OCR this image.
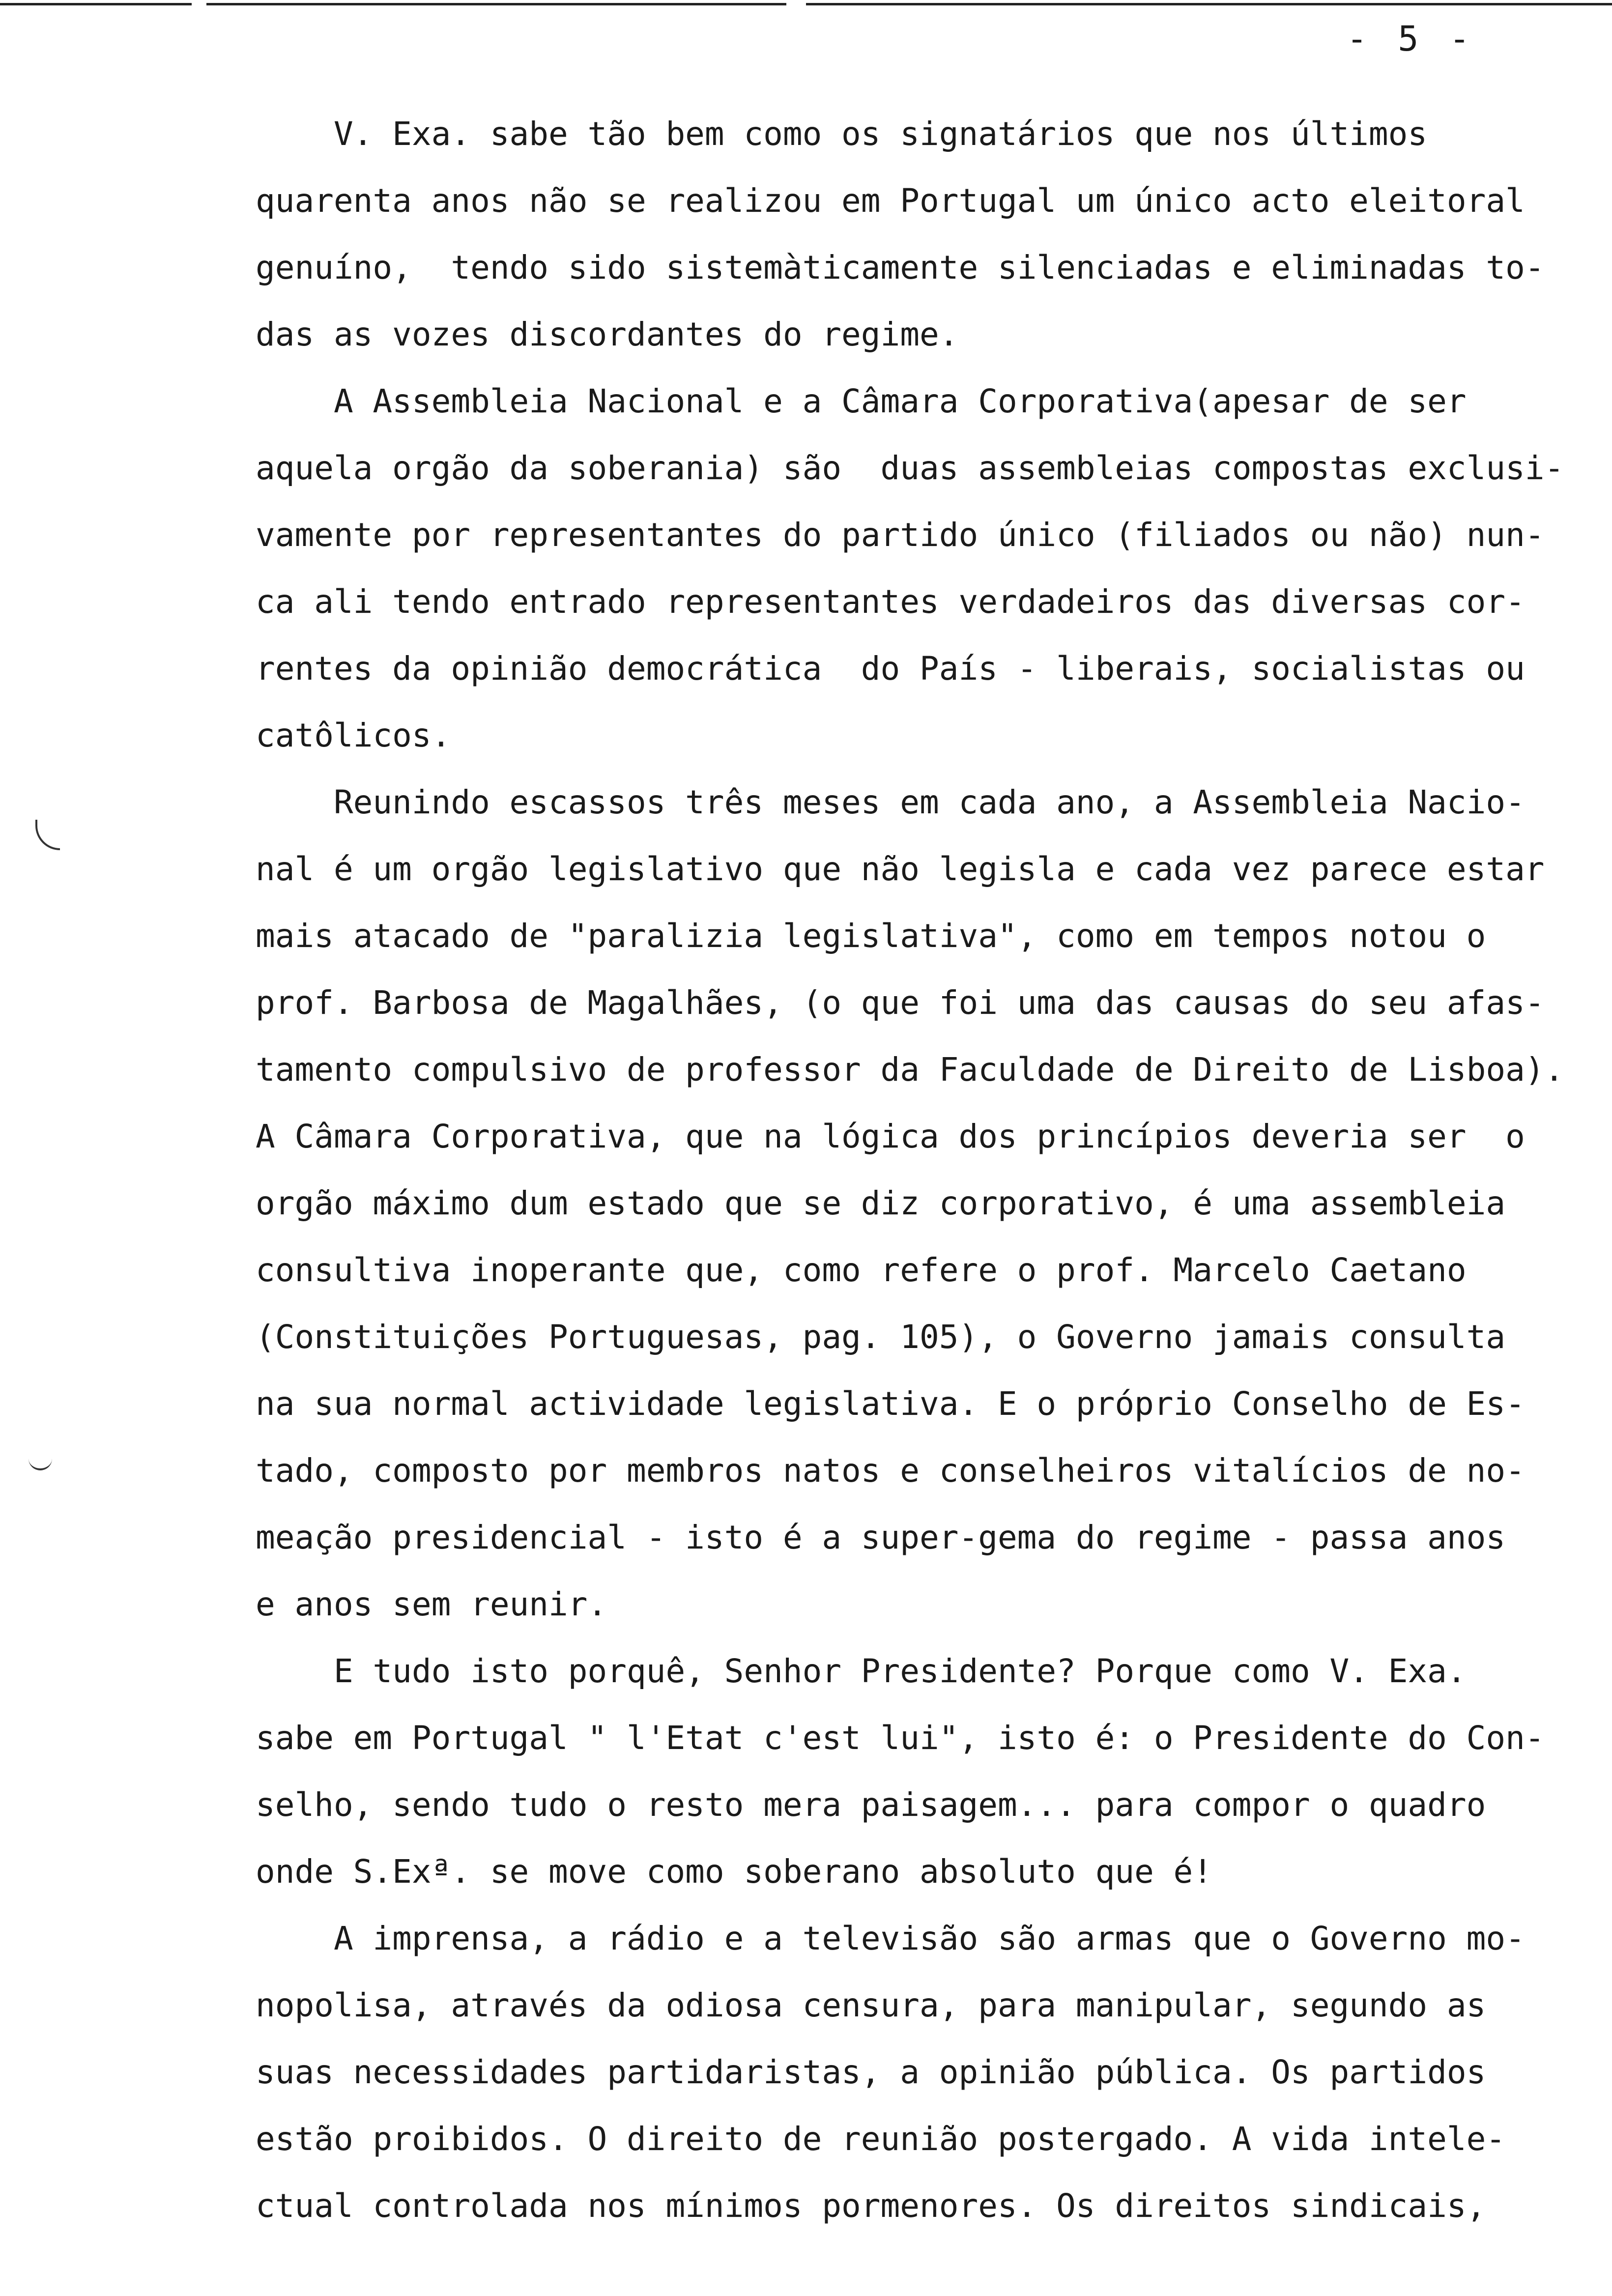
- 5 -
V. Exa. sabe tão bem como os signatários que nos últimos
quarenta anos não se realizou em Portugal um único acto eleitoral
genuíno,  tendo sido sistemàticamente silenciadas e eliminadas to-
das as vozes discordantes do regime.
A Assembleia Nacional e a Câmara Corporativa(apesar de ser
aquela orgão da soberania) são  duas assembleias compostas exclusi-
vamente por representantes do partido único (filiados ou não) nun-
ca ali tendo entrado representantes verdadeiros das diversas cor-
rentes da opinião democrática  do País - liberais, socialistas ou
catôlicos.
Reunindo escassos três meses em cada ano, a Assembleia Nacio-
nal é um orgão legislativo que não legisla e cada vez parece estar
mais atacado de "paralizia legislativa", como em tempos notou o
prof. Barbosa de Magalhães, (o que foi uma das causas do seu afas-
tamento compulsivo de professor da Faculdade de Direito de Lisboa).
A Câmara Corporativa, que na lógica dos princípios deveria ser  o
orgão máximo dum estado que se diz corporativo, é uma assembleia
consultiva inoperante que, como refere o prof. Marcelo Caetano
(Constituições Portuguesas, pag. 105), o Governo jamais consulta
na sua normal actividade legislativa. E o próprio Conselho de Es-
tado, composto por membros natos e conselheiros vitalícios de no-
meação presidencial - isto é a super-gema do regime - passa anos
e anos sem reunir.
E tudo isto porquê, Senhor Presidente? Porque como V. Exa.
sabe em Portugal " l'Etat c'est lui", isto é: o Presidente do Con-
selho, sendo tudo o resto mera paisagem... para compor o quadro
onde S.Exª. se move como soberano absoluto que é!
A imprensa, a rádio e a televisão são armas que o Governo mo-
nopolisa, através da odiosa censura, para manipular, segundo as
suas necessidades partidaristas, a opinião pública. Os partidos
estão proibidos. O direito de reunião postergado. A vida intele-
ctual controlada nos mínimos pormenores. Os direitos sindicais,
